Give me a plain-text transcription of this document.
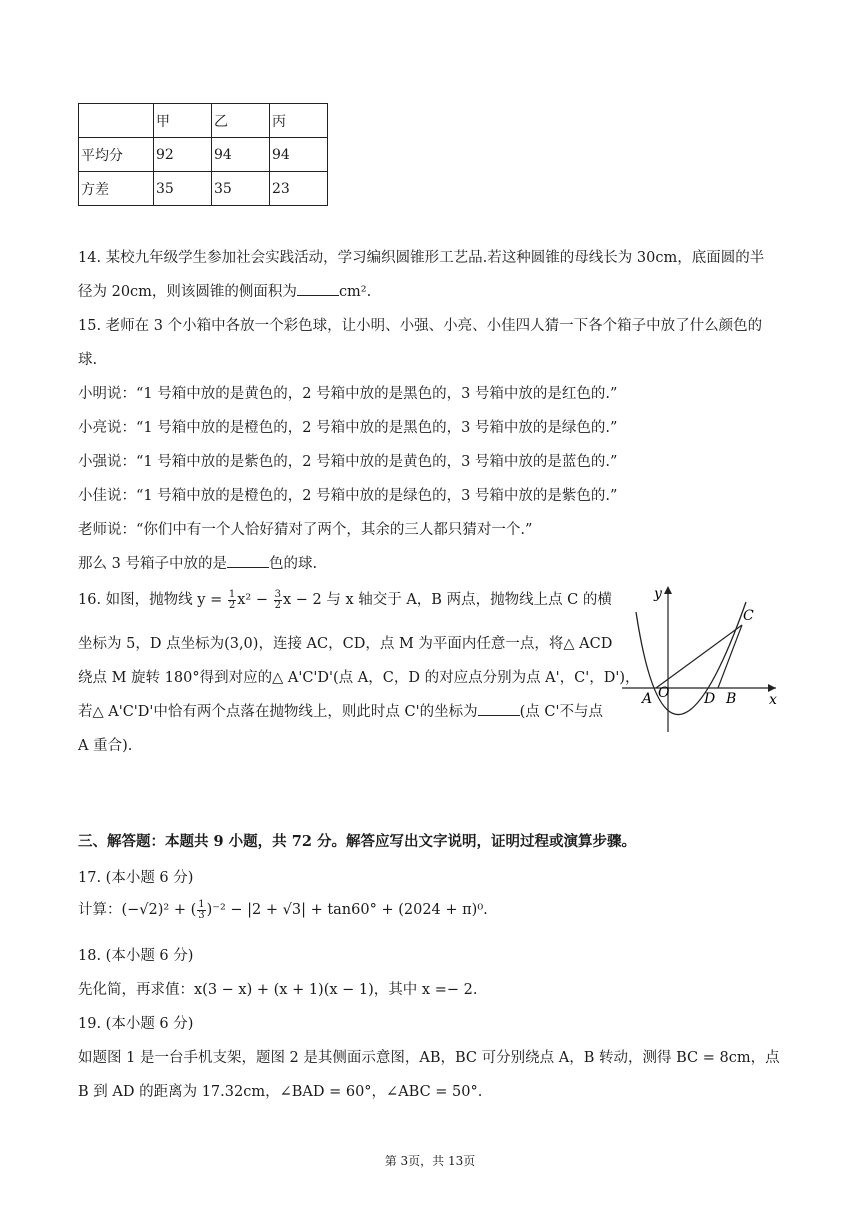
	甲	乙	丙
平均分	92	94	94
方差	35	35	23
14. 某校九年级学生参加社会实践活动，学习编织圆锥形工艺品.若这种圆锥的母线长为 30cm，底面圆的半
径为 20cm，则该圆锥的侧面积为	cm².
15. 老师在 3 个小箱中各放一个彩色球，让小明、小强、小亮、小佳四人猜一下各个箱子中放了什么颜色的
球.
小明说：“1 号箱中放的是黄色的，2 号箱中放的是黑色的，3 号箱中放的是红色的.”
小亮说：“1 号箱中放的是橙色的，2 号箱中放的是黑色的，3 号箱中放的是绿色的.”
小强说：“1 号箱中放的是紫色的，2 号箱中放的是黄色的，3 号箱中放的是蓝色的.”
小佳说：“1 号箱中放的是橙色的，2 号箱中放的是绿色的，3 号箱中放的是紫色的.”
老师说：“你们中有一个人恰好猜对了两个，其余的三人都只猜对一个.”
那么 3 号箱子中放的是	色的球.
16. 如图，抛物线 $y = \frac{1}{2} x^2 - \frac{3}{2}$ x − 2 与 x 轴交于 A，B 两点，抛物线上点 C 的横
坐标为 5，D 点坐标为(3,0)，连接 AC，CD，点 M 为平面内任意一点，将△ ACD
绕点 M 旋转 180°得到对应的△ A'C'D'(点 A，C，D 的对应点分别为点 A'，C'，D')，
若△ A'C'D'中恰有两个点落在抛物线上，则此时点 C'的坐标为	(点 C'不与点
A 重合).
y
x
A O D B
C
三、解答题：本题共 9 小题，共 72 分。解答应写出文字说明，证明过程或演算步骤。
17. (本小题 6 分)
计算：(−√2)² + ( $\frac{1}{3} )^{-2} - |2 + √3| + \tan 60^\circ + (2024 + \pi)^0$.
18. (本小题 6 分)
先化简，再求值：x(3 − x) + (x + 1)(x − 1)，其中 x =− 2.
19. (本小题 6 分)
如题图 1 是一台手机支架，题图 2 是其侧面示意图，AB，BC 可分别绕点 A，B 转动，测得 BC = 8cm，点
B 到 AD 的距离为 17.32cm，∠BAD = 60°，∠ABC = 50°.
第 3页，共 13页
